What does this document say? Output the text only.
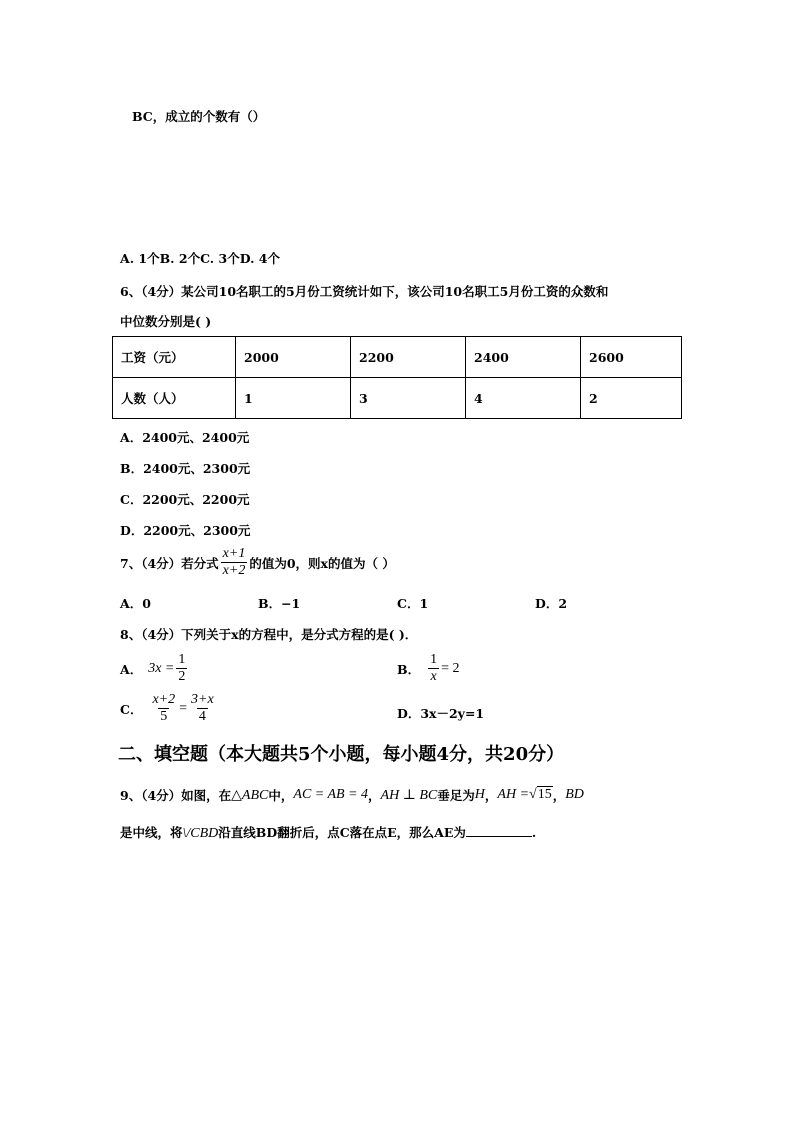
BC，成立的个数有（）
A. 1个B. 2个C. 3个D. 4个
6、（4分）某公司10名职工的5月份工资统计如下，该公司10名职工5月份工资的众数和
中位数分别是( )
工资（元）	2000	2200	2400	2600
人数（人）	1	3	4	2
A．2400元、2400元
B．2400元、2300元
C．2200元、2200元
D．2200元、2300元
7、（4分）若分式 $\frac{x+1}{x+2}$ 的值为0，则x的值为（ ）
A．0	B．−1	C．1	D．2
8、（4分）下列关于x的方程中，是分式方程的是( )．
A． $3x = \frac{1}{2}$	B． $\frac{1}{x} = 2$
C． $\frac{x+2}{5} = \frac{3+x}{4}$	D．3x－2y=1
二、填空题（本大题共5个小题，每小题4分，共20分）
9、（4分）如图，在 △ABC 中， AC = AB = 4 ， AH ⊥ BC 垂足为 H ， AH = √15 ， BD
是中线，将 \/CBD 沿直线BD翻折后，点C落在点E，那么AE为	.
